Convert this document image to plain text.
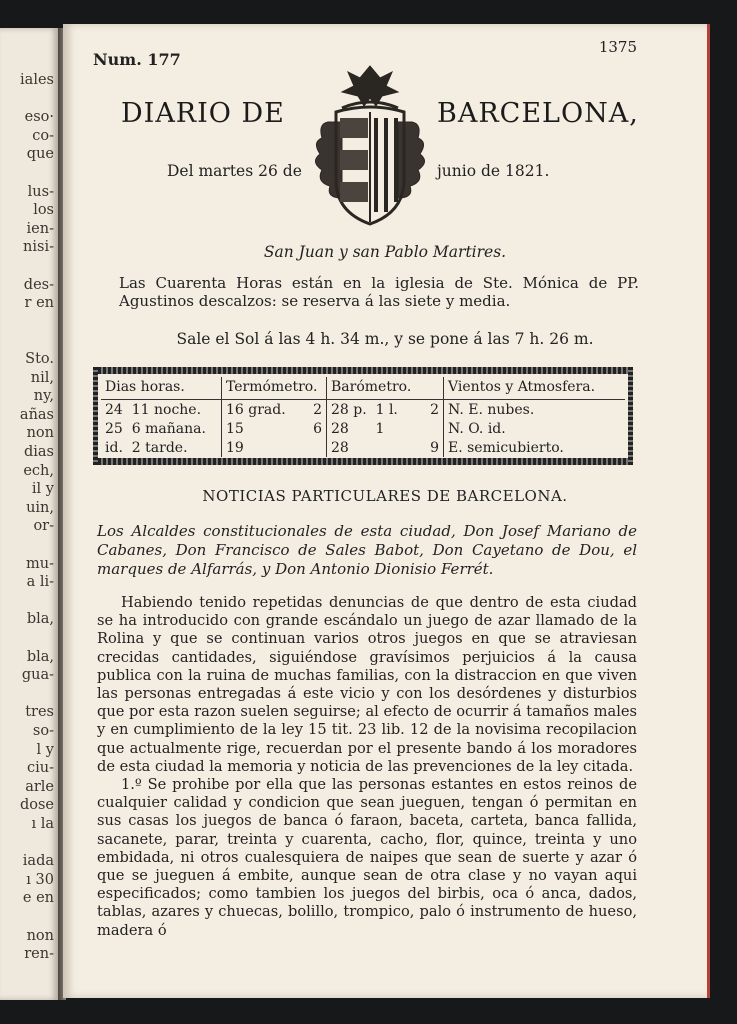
iales
eso·
co-
que
lus-
los
ien-
nisi-
des-
r en
Sto.
nil,
ny,
añas
non
dias
ech,
il y
uin,
or-
mu-
a li-
bla,
bla,
gua-
tres
so-
l y
ciu-
arle
dose
ı la
iada
ı 30
e en
non
ren-
Num. 177
1375
DIARIO DE	BARCELONA,
Del martes 26 de	junio de 1821.
San Juan y san Pablo Martires.
Las Cuarenta Horas están en la iglesia de Ste. Mónica de PP. Agustinos descalzos: se reserva á las siete y media.
Sale el Sol á las 4 h. 34 m., y se pone á las 7 h. 26 m.
Dias horas.	Termómetro.	Barómetro.	Vientos y Atmosfera.
24 11 noche.	16 grad. 2	28 p. 1 l. 2	N. E. nubes.
25 6 mañana.	15 6	28 1	N. O. id.
id. 2 tarde.	19	28 9	E. semicubierto.
NOTICIAS PARTICULARES DE BARCELONA.
Los Alcaldes constitucionales de esta ciudad, Don Josef Mariano de Cabanes, Don Francisco de Sales Babot, Don Cayetano de Dou, el marques de Alfarrás, y Don Antonio Dionisio Ferrét.

Habiendo tenido repetidas denuncias de que dentro de esta ciudad se ha introducido con grande escándalo un juego de azar llamado de la Rolina y que se continuan varios otros juegos en que se atraviesan crecidas cantidades, siguiéndose gravísimos perjuicios á la causa publica con la ruina de muchas familias, con la distraccion en que viven las personas entregadas á este vicio y con los desórdenes y disturbios que por esta razon suelen seguirse; al efecto de ocurrir á tamaños males y en cumplimiento de la ley 15 tit. 23 lib. 12 de la novisima recopilacion que actualmente rige, recuerdan por el presente bando á los moradores de esta ciudad la memoria y noticia de las prevenciones de la ley citada.

1.º Se prohibe por ella que las personas estantes en estos reinos de cualquier calidad y condicion que sean jueguen, tengan ó permitan en sus casas los juegos de banca ó faraon, baceta, carteta, banca fallida, sacanete, parar, treinta y cuarenta, cacho, flor, quince, treinta y uno embidada, ni otros cualesquiera de naipes que sean de suerte y azar ó que se jueguen á embite, aunque sean de otra clase y no vayan aqui especificados; como tambien los juegos del birbis, oca ó anca, dados, tablas, azares y chuecas, bolillo, trompico, palo ó instrumento de hueso, madera ó
